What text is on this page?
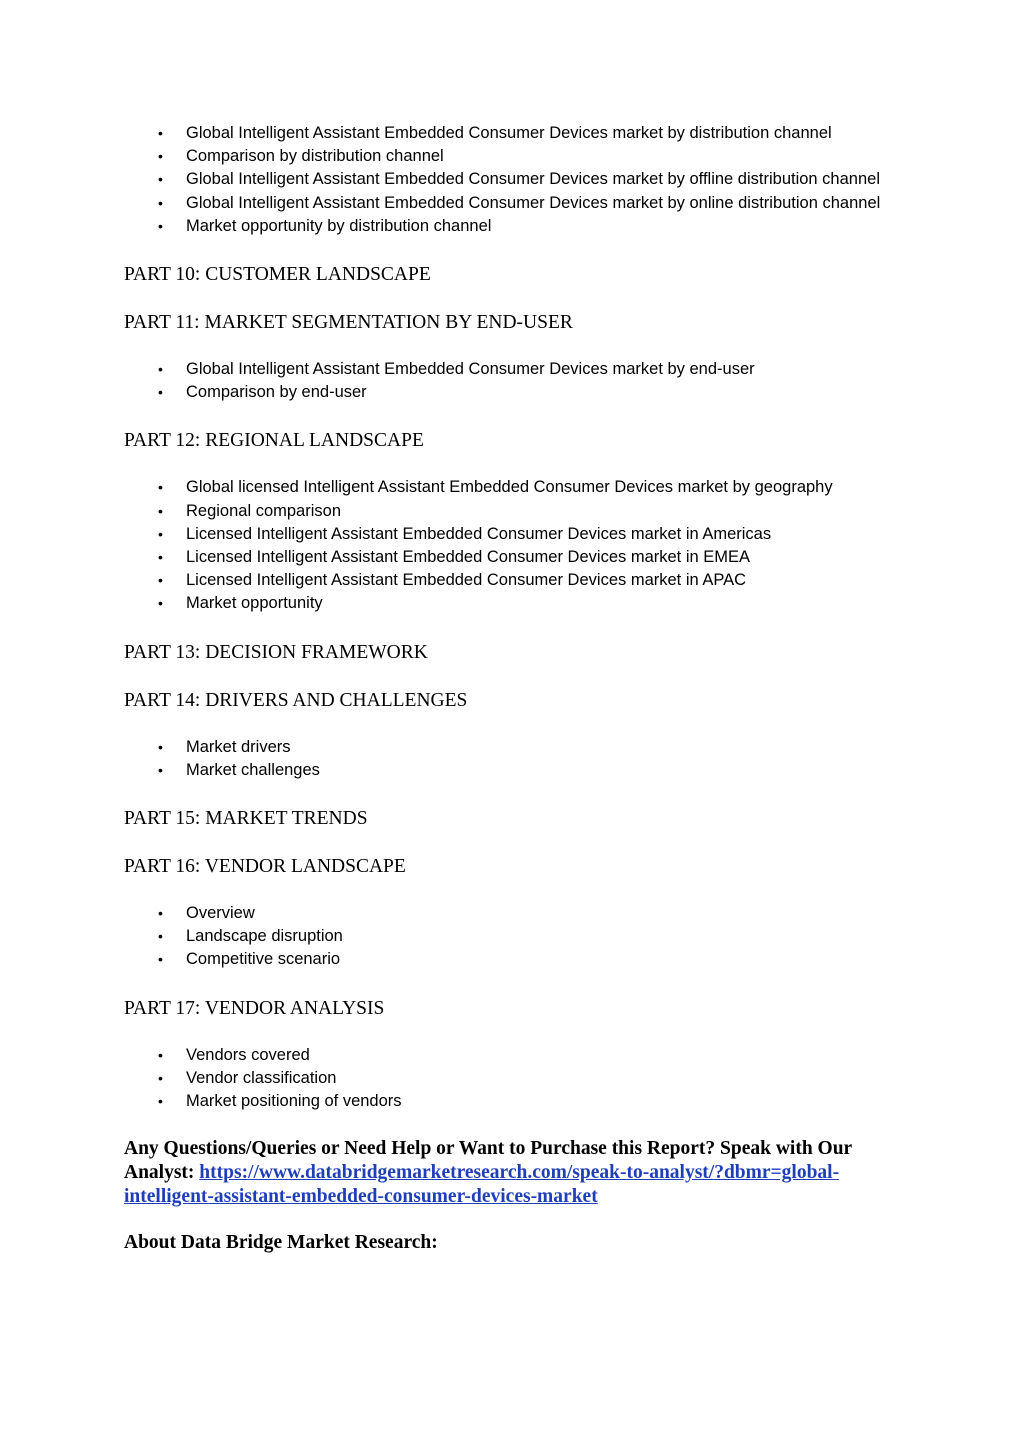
• Global Intelligent Assistant Embedded Consumer Devices market by distribution channel
• Comparison by distribution channel
• Global Intelligent Assistant Embedded Consumer Devices market by offline distribution channel
• Global Intelligent Assistant Embedded Consumer Devices market by online distribution channel
• Market opportunity by distribution channel
PART 10: CUSTOMER LANDSCAPE
PART 11: MARKET SEGMENTATION BY END-USER
• Global Intelligent Assistant Embedded Consumer Devices market by end-user
• Comparison by end-user
PART 12: REGIONAL LANDSCAPE
• Global licensed Intelligent Assistant Embedded Consumer Devices market by geography
• Regional comparison
• Licensed Intelligent Assistant Embedded Consumer Devices market in Americas
• Licensed Intelligent Assistant Embedded Consumer Devices market in EMEA
• Licensed Intelligent Assistant Embedded Consumer Devices market in APAC
• Market opportunity
PART 13: DECISION FRAMEWORK
PART 14: DRIVERS AND CHALLENGES
• Market drivers
• Market challenges
PART 15: MARKET TRENDS
PART 16: VENDOR LANDSCAPE
• Overview
• Landscape disruption
• Competitive scenario
PART 17: VENDOR ANALYSIS
• Vendors covered
• Vendor classification
• Market positioning of vendors

Any Questions/Queries or Need Help or Want to Purchase this Report? Speak with Our Analyst: https://www.databridgemarketresearch.com/speak-to-analyst/?dbmr=global-intelligent-assistant-embedded-consumer-devices-market

About Data Bridge Market Research:
